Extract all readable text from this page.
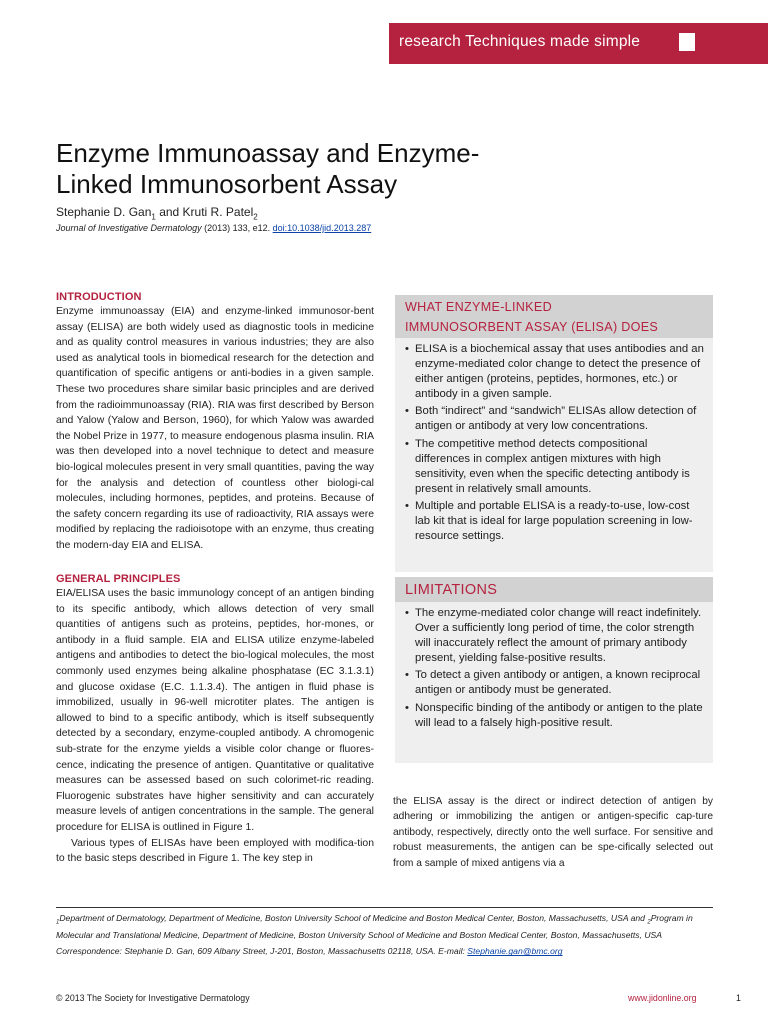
research Techniques made simple
Enzyme Immunoassay and Enzyme-
Linked Immunosorbent Assay
Stephanie D. Gan$_1$ and Kruti R. Patel$_2$
Journal of Investigative Dermatology (2013) 133, e12. doi:10.1038/jid.2013.287
INTRODUCTION

Enzyme immunoassay (EIA) and enzyme-linked immunosor-bent assay (ELISA) are both widely used as diagnostic tools in medicine and as quality control measures in various industries; they are also used as analytical tools in biomedical research for the detection and quantification of specific antigens or anti-bodies in a given sample. These two procedures share similar basic principles and are derived from the radioimmunoassay (RIA). RIA was first described by Berson and Yalow (Yalow and Berson, 1960), for which Yalow was awarded the Nobel Prize in 1977, to measure endogenous plasma insulin. RIA was then developed into a novel technique to detect and measure bio-logical molecules present in very small quantities, paving the way for the analysis and detection of countless other biologi-cal molecules, including hormones, peptides, and proteins. Because of the safety concern regarding its use of radioactivity, RIA assays were modified by replacing the radioisotope with an enzyme, thus creating the modern-day EIA and ELISA.

GENERAL PRINCIPLES

EIA/ELISA uses the basic immunology concept of an antigen binding to its specific antibody, which allows detection of very small quantities of antigens such as proteins, peptides, hor-mones, or antibody in a fluid sample. EIA and ELISA utilize enzyme-labeled antigens and antibodies to detect the bio-logical molecules, the most commonly used enzymes being alkaline phosphatase (EC 3.1.3.1) and glucose oxidase (E.C. 1.1.3.4). The antigen in fluid phase is immobilized, usually in 96-well microtiter plates. The antigen is allowed to bind to a specific antibody, which is itself subsequently detected by a secondary, enzyme-coupled antibody. A chromogenic sub-strate for the enzyme yields a visible color change or fluores-cence, indicating the presence of antigen. Quantitative or qualitative measures can be assessed based on such colorimet-ric reading. Fluorogenic substrates have higher sensitivity and can accurately measure levels of antigen concentrations in the sample. The general procedure for ELISA is outlined in Figure 1.

Various types of ELISAs have been employed with modifica-tion to the basic steps described in Figure 1. The key step in

WHAT ENZYME-LINKED
IMMUNOSORBENT ASSAY (ELISA) DOES
• ELISA is a biochemical assay that uses antibodies and an enzyme-mediated color change to detect the presence of either antigen (proteins, peptides, hormones, etc.) or antibody in a given sample.
• Both “indirect” and “sandwich” ELISAs allow detection of antigen or antibody at very low concentrations.
• The competitive method detects compositional differences in complex antigen mixtures with high sensitivity, even when the specific detecting antibody is present in relatively small amounts.
• Multiple and portable ELISA is a ready-to-use, low-cost lab kit that is ideal for large population screening in low-resource settings.
LIMITATIONS
• The enzyme-mediated color change will react indefinitely. Over a sufficiently long period of time, the color strength will inaccurately reflect the amount of primary antibody present, yielding false-positive results.
• To detect a given antibody or antigen, a known reciprocal antigen or antibody must be generated.
• Nonspecific binding of the antibody or antigen to the plate will lead to a falsely high-positive result.

the ELISA assay is the direct or indirect detection of antigen by adhering or immobilizing the antigen or antigen-specific cap-ture antibody, respectively, directly onto the well surface. For sensitive and robust measurements, the antigen can be spe-cifically selected out from a sample of mixed antigens via a

$_1$Department of Dermatology, Department of Medicine, Boston University School of Medicine and Boston Medical Center, Boston, Massachusetts, USA and $_2$Program in Molecular and Translational Medicine, Department of Medicine, Boston University School of Medicine and Boston Medical Center, Boston, Massachusetts, USA

Correspondence: Stephanie D. Gan, 609 Albany Street, J-201, Boston, Massachusetts 02118, USA. E-mail: Stephanie.gan@bmc.org

© 2013 The Society for Investigative Dermatology	www.jidonline.org	1
